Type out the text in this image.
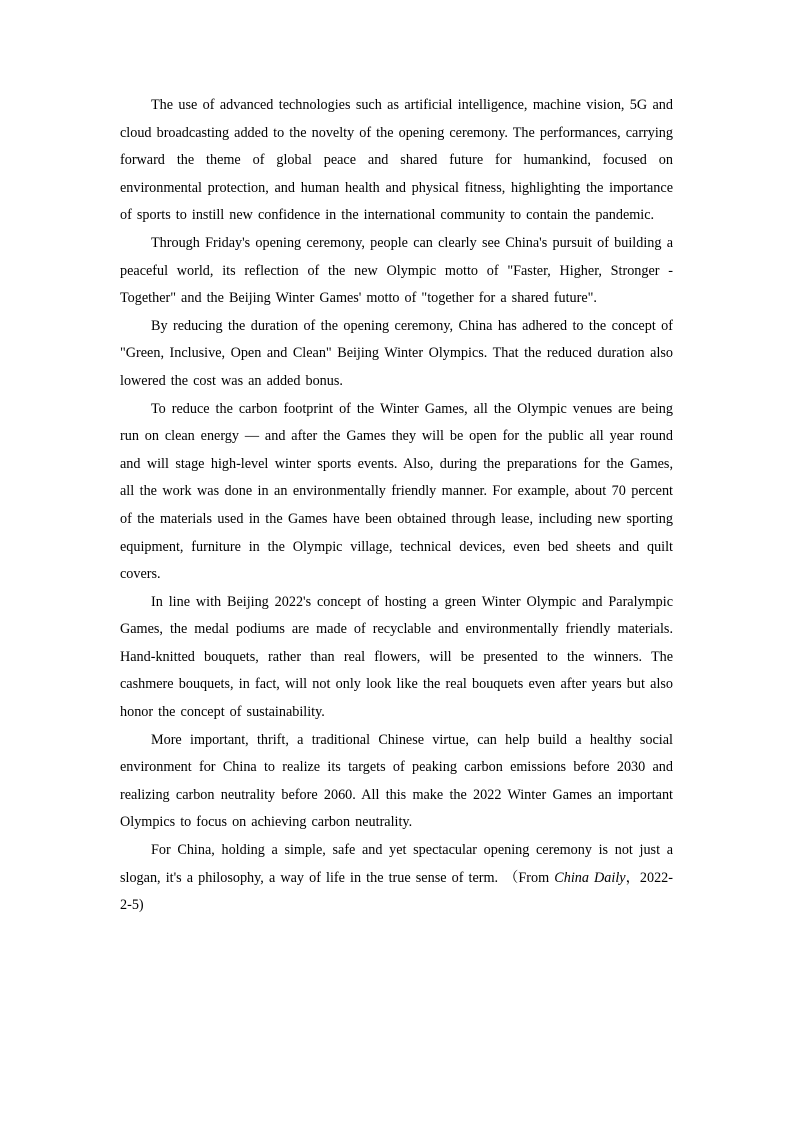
The use of advanced technologies such as artificial intelligence, machine vision, 5G and cloud broadcasting added to the novelty of the opening ceremony. The performances, carrying forward the theme of global peace and shared future for humankind, focused on environmental protection, and human health and physical fitness, highlighting the importance of sports to instill new confidence in the international community to contain the pandemic.

Through Friday's opening ceremony, people can clearly see China's pursuit of building a peaceful world, its reflection of the new Olympic motto of "Faster, Higher, Stronger - Together" and the Beijing Winter Games' motto of "together for a shared future".

By reducing the duration of the opening ceremony, China has adhered to the concept of "Green, Inclusive, Open and Clean" Beijing Winter Olympics. That the reduced duration also lowered the cost was an added bonus.

To reduce the carbon footprint of the Winter Games, all the Olympic venues are being run on clean energy — and after the Games they will be open for the public all year round and will stage high-level winter sports events. Also, during the preparations for the Games, all the work was done in an environmentally friendly manner. For example, about 70 percent of the materials used in the Games have been obtained through lease, including new sporting equipment, furniture in the Olympic village, technical devices, even bed sheets and quilt covers.

In line with Beijing 2022's concept of hosting a green Winter Olympic and Paralympic Games, the medal podiums are made of recyclable and environmentally friendly materials. Hand-knitted bouquets, rather than real flowers, will be presented to the winners. The cashmere bouquets, in fact, will not only look like the real bouquets even after years but also honor the concept of sustainability.

More important, thrift, a traditional Chinese virtue, can help build a healthy social environment for China to realize its targets of peaking carbon emissions before 2030 and realizing carbon neutrality before 2060. All this make the 2022 Winter Games an important Olympics to focus on achieving carbon neutrality.

For China, holding a simple, safe and yet spectacular opening ceremony is not just a slogan, it's a philosophy, a way of life in the true sense of term. （From China Daily，2022-2-5)
